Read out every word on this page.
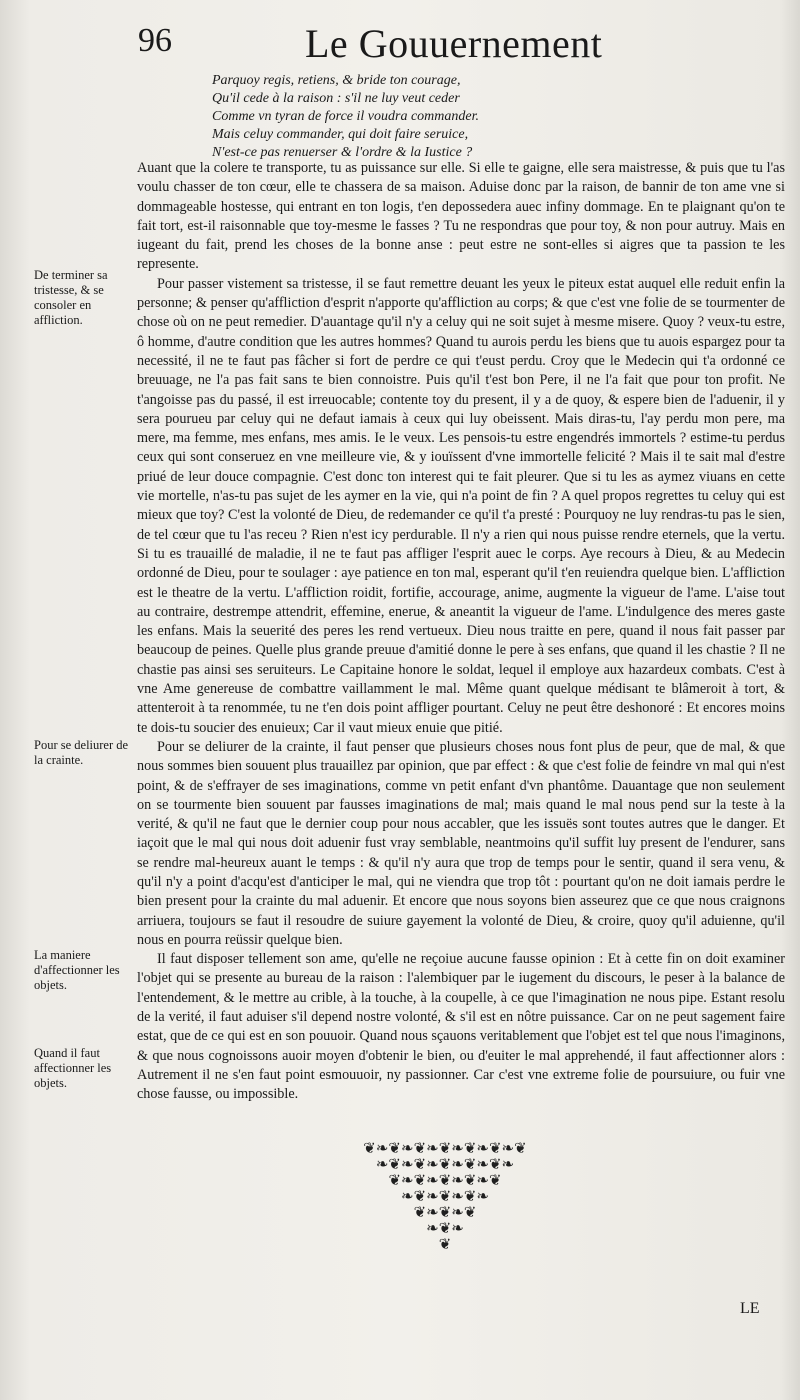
96	Le Gouuernement
Parquoy regis, retiens, & bride ton courage,
Qu'il cede à la raison : s'il ne luy veut ceder
Comme vn tyran de force il voudra commander.
Mais celuy commander, qui doit faire seruice,
N'est-ce pas renuerser & l'ordre & la Iustice ?

Auant que la colere te transporte, tu as puissance sur elle. Si elle te gaigne, elle sera maistresse, & puis que tu l'as voulu chasser de ton cœur, elle te chassera de sa maison. Aduise donc par la raison, de bannir de ton ame vne si dommageable hostesse, qui entrant en ton logis, t'en depossedera auec infiny dommage. En te plaignant qu'on te fait tort, est-il raisonnable que toy-mesme le fasses ? Tu ne respondras que pour toy, & non pour autruy. Mais en iugeant du fait, prend les choses de la bonne anse : peut estre ne sont-elles si aigres que ta passion te les represente.

Pour passer vistement sa tristesse, il se faut remettre deuant les yeux le piteux estat auquel elle reduit enfin la personne; & penser qu'affliction d'esprit n'apporte qu'affliction au corps; & que c'est vne folie de se tourmenter de chose où on ne peut remedier. D'auantage qu'il n'y a celuy qui ne soit sujet à mesme misere. Quoy ? veux-tu estre, ô homme, d'autre condition que les autres hommes? Quand tu aurois perdu les biens que tu auois espargez pour ta necessité, il ne te faut pas fâcher si fort de perdre ce qui t'eust perdu. Croy que le Medecin qui t'a ordonné ce breuuage, ne l'a pas fait sans te bien connoistre. Puis qu'il t'est bon Pere, il ne l'a fait que pour ton profit. Ne t'angoisse pas du passé, il est irreuocable; contente toy du present, il y a de quoy, & espere bien de l'aduenir, il y sera pourueu par celuy qui ne defaut iamais à ceux qui luy obeissent. Mais diras-tu, l'ay perdu mon pere, ma mere, ma femme, mes enfans, mes amis. Ie le veux. Les pensois-tu estre engendrés immortels ? estime-tu perdus ceux qui sont conseruez en vne meilleure vie, & y iouïssent d'vne immortelle felicité ? Mais il te sait mal d'estre priué de leur douce compagnie. C'est donc ton interest qui te fait pleurer. Que si tu les as aymez viuans en cette vie mortelle, n'as-tu pas sujet de les aymer en la vie, qui n'a point de fin ? A quel propos regrettes tu celuy qui est mieux que toy? C'est la volonté de Dieu, de redemander ce qu'il t'a presté : Pourquoy ne luy rendras-tu pas le sien, de tel cœur que tu l'as receu ? Rien n'est icy perdurable. Il n'y a rien qui nous puisse rendre eternels, que la vertu. Si tu es trauaillé de maladie, il ne te faut pas affliger l'esprit auec le corps. Aye recours à Dieu, & au Medecin ordonné de Dieu, pour te soulager : aye patience en ton mal, esperant qu'il t'en reuiendra quelque bien. L'affliction est le theatre de la vertu. L'affliction roidit, fortifie, accourage, anime, augmente la vigueur de l'ame. L'aise tout au contraire, destrempe attendrit, effemine, enerue, & aneantit la vigueur de l'ame. L'indulgence des meres gaste les enfans. Mais la seuerité des peres les rend vertueux. Dieu nous traitte en pere, quand il nous fait passer par beaucoup de peines. Quelle plus grande preuue d'amitié donne le pere à ses enfans, que quand il les chastie ? Il ne chastie pas ainsi ses seruiteurs. Le Capitaine honore le soldat, lequel il employe aux hazardeux combats. C'est à vne Ame genereuse de combattre vaillamment le mal. Même quant quelque médisant te blâmeroit à tort, & attenteroit à ta renommée, tu ne t'en dois point affliger pourtant. Celuy ne peut être deshonoré : Et encores moins te dois-tu soucier des enuieux; Car il vaut mieux enuie que pitié.

Pour se deliurer de la crainte, il faut penser que plusieurs choses nous font plus de peur, que de mal, & que nous sommes bien souuent plus trauaillez par opinion, que par effect : & que c'est folie de feindre vn mal qui n'est point, & de s'effrayer de ses imaginations, comme vn petit enfant d'vn phantôme. Dauantage que non seulement on se tourmente bien souuent par fausses imaginations de mal; mais quand le mal nous pend sur la teste à la verité, & qu'il ne faut que le dernier coup pour nous accabler, que les issuës sont toutes autres que le danger. Et iaçoit que le mal qui nous doit aduenir fust vray semblable, neantmoins qu'il suffit luy present de l'endurer, sans se rendre mal-heureux auant le temps : & qu'il n'y aura que trop de temps pour le sentir, quand il sera venu, & qu'il n'y a point d'acqu'est d'anticiper le mal, qui ne viendra que trop tôt : pourtant qu'on ne doit iamais perdre le bien present pour la crainte du mal aduenir. Et encore que nous soyons bien asseurez que ce que nous craignons arriuera, toujours se faut il resoudre de suiure gayement la volonté de Dieu, & croire, quoy qu'il aduienne, qu'il nous en pourra reüssir quelque bien.

Il faut disposer tellement son ame, qu'elle ne reçoiue aucune fausse opinion : Et à cette fin on doit examiner l'objet qui se presente au bureau de la raison : l'alembiquer par le iugement du discours, le peser à la balance de l'entendement, & le mettre au crible, à la touche, à la coupelle, à ce que l'imagination ne nous pipe. Estant resolu de la verité, il faut aduiser s'il depend nostre volonté, & s'il est en nôtre puissance. Car on ne peut sagement faire estat, que de ce qui est en son pouuoir. Quand nous sçauons veritablement que l'objet est tel que nous l'imaginons, & que nous cognoissons auoir moyen d'obtenir le bien, ou d'euiter le mal apprehendé, il faut affectionner alors : Autrement il ne s'en faut point esmouuoir, ny passionner. Car c'est vne extreme folie de poursuiure, ou fuir vne chose fausse, ou impossible.

De terminer sa tristesse, & se consoler en affliction.
Pour se deliurer de la crainte.
La maniere d'affectionner les objets.
Quand il faut affectionner les objets.
❦❧❦❧❦❧❦❧❦❧❦❧❦
❧❦❧❦❧❦❧❦❧❦❧
❦❧❦❧❦❧❦❧❦
❧❦❧❦❧❦❧
❦❧❦❧❦
❧❦❧
❦
LE
